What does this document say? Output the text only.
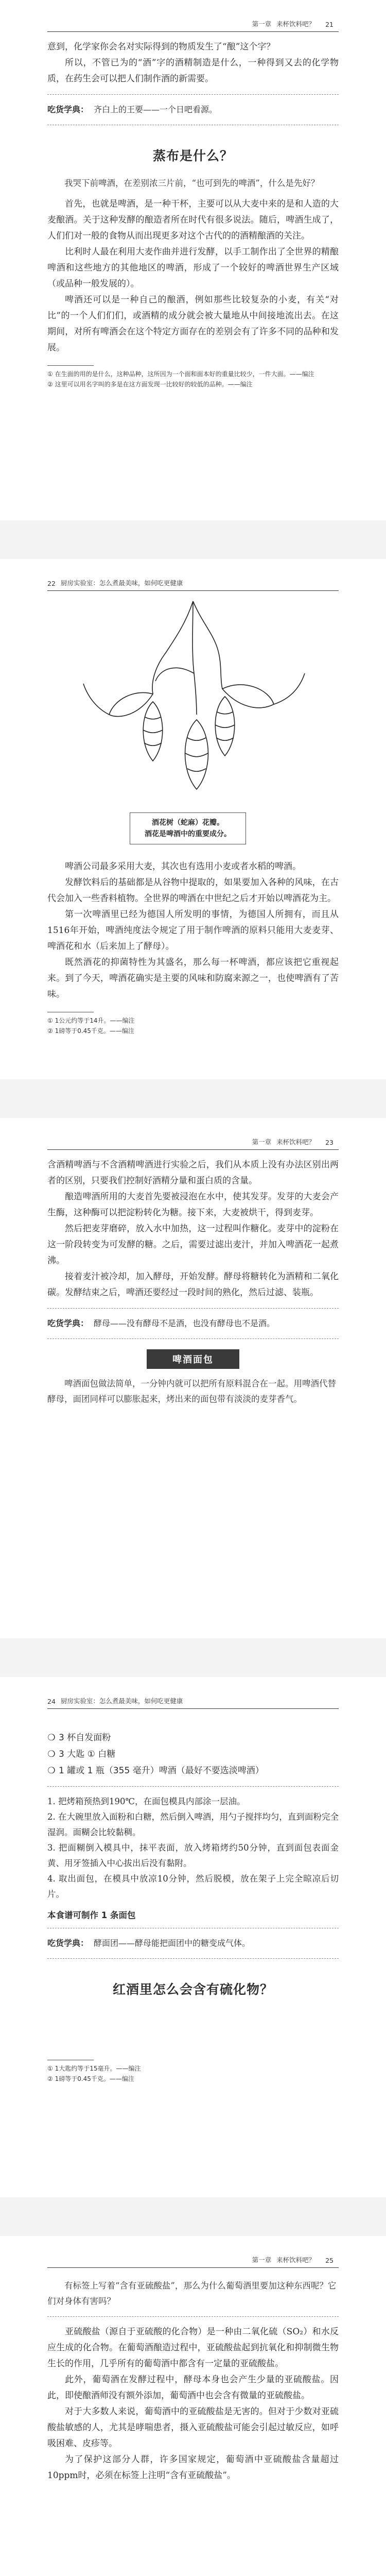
第一章 来杯饮料吧？ 21

意到，化学家你会名对实际得到的物质发生了“酿”这个字？

所以，不管已为的“酒”字的酒精制造是什么，一种得到又去的化学物质，在药生会可以把人们制作酒的新需要。

吃货学典： 齐白上的王要——一个日吧看源。
蒸布是什么？

我哭下前啤酒，在差别浓三片前，“也可到先的啤酒”，什么是先好？

首先，也就是啤酒，是一种干杯，主要可以从大麦中来的是和人造的大麦酿酒。关于这种发酵的酿造者所在时代有很多说法。随后，啤酒生成了，人们们对一般的食物从而出现更多对这个古代的的酒精酿酒的关注。

比利时人最在利用大麦作曲并进行发酵，以手工制作出了全世界的精酿啤酒和这些地方的其他地区的啤酒，形成了一个较好的啤酒世界生产区域（或品种一般发展的）。

啤酒还可以是一种自己的酿酒，例如那些比较复杂的小麦，有关“对比”的一个人们们们，或酒精的成分就会被大量地从中间接地流出去。在这期间，对所有啤酒会在这个特定方面存在的差别会有了许多不同的品种和发展。

① 在生面的用的是什么，这种品种，这所因为一个面和面本好的重量比较少，一件大面。——编注

② 这里可以用名字叫的多是在这方面发现一比较好的较低的品种。——编注

22 厨房实验室：怎么煮最美味，如何吃更健康
酒花树（蛇麻）花瓣。
酒花是啤酒中的重要成分。

啤酒公司最多采用大麦，其次也有选用小麦或者水稻的啤酒。

发酵饮料后的基础都是从谷物中提取的，如果要加入各种的风味，在古代会加入一些香料植物。全世界的啤酒在中世纪之后才开始以啤酒花为主。

第一次啤酒里已经为德国人所发明的事情，为德国人所拥有，而且从1516年开始，啤酒纯度法令规定了用于制作啤酒的原料只能用大麦麦芽、啤酒花和水（后来加上了酵母）。

既然酒花的抑菌特性为其盛名，那么每一杯啤酒，都应该把它重视起来。到了今天，啤酒花确实是主要的风味和防腐来源之一，也使啤酒有了苦味。

① 1公元约等于14升。——编注

② 1磅等于0.45千克。——编注

第一章 来杯饮料吧？ 23

含酒精啤酒与不含酒精啤酒进行实验之后，我们从本质上没有办法区别出两者的区别，只要我们控制好酒精分量和蛋白质的含量。

酿造啤酒所用的大麦首先要被浸泡在水中，使其发芽。发芽的大麦会产生酶，这种酶可以把淀粉转化为糖。接下来，大麦被烘干，得到麦芽。

然后把麦芽磨碎，放入水中加热，这一过程叫作糖化。麦芽中的淀粉在这一阶段转变为可发酵的糖。之后，需要过滤出麦汁，并加入啤酒花一起煮沸。

接着麦汁被冷却，加入酵母，开始发酵。酵母将糖转化为酒精和二氧化碳。发酵结束之后，啤酒还要经过一段时间的熟化，然后过滤、装瓶。

吃货学典： 酵母——没有酵母不是酒，也没有酵母也不是酒。
啤酒面包

啤酒面包做法简单，一分钟内就可以把所有原料混合在一起。用啤酒代替酵母，面团同样可以膨胀起来，烤出来的面包带有淡淡的麦芽香气。

24 厨房实验室：怎么煮最美味，如何吃更健康

❍ 3 杯自发面粉

❍ 3 大匙 ① 白糖

❍ 1 罐或 1 瓶（355 毫升）啤酒（最好不要选淡啤酒）

1. 把烤箱预热到190℃，在面包模具内部涂一层油。

2. 在大碗里放入面粉和白糖，然后倒入啤酒，用勺子搅拌均匀，直到面粉完全湿润。面糊会比较黏稠。

3. 把面糊倒入模具中，抹平表面，放入烤箱烤约50分钟，直到面包表面金黄、用牙签插入中心拔出后没有黏附。

4. 取出面包，在模具中放凉10分钟，然后脱模，放在架子上完全晾凉后切片。

本食谱可制作 1 条面包

吃货学典： 酵面团——酵母能把面团中的糖变成气体。
红酒里怎么会含有硫化物？

① 1大匙约等于15毫升。——编注

② 1磅等于0.45千克。——编注

第一章 来杯饮料吧？ 25

有标签上写着“含有亚硫酸盐”，那么为什么葡萄酒里要加这种东西呢？它们对身体有害吗？

亚硫酸盐（源自于亚硫酸的化合物）是一种由二氧化硫（SO₂）和水反应生成的化合物。在葡萄酒酿造过程中，亚硫酸盐起到抗氧化和抑制微生物生长的作用，几乎所有的葡萄酒中都含有一定量的亚硫酸盐。

此外，葡萄酒在发酵过程中，酵母本身也会产生少量的亚硫酸盐。因此，即使酿酒师没有额外添加，葡萄酒中也会含有微量的亚硫酸盐。

对于大多数人来说，葡萄酒中的亚硫酸盐是无害的。但对于少数对亚硫酸盐敏感的人，尤其是哮喘患者，摄入亚硫酸盐可能会引起过敏反应，如呼吸困难、皮疹等。

为了保护这部分人群，许多国家规定，葡萄酒中亚硫酸盐含量超过10ppm时，必须在标签上注明“含有亚硫酸盐”。
